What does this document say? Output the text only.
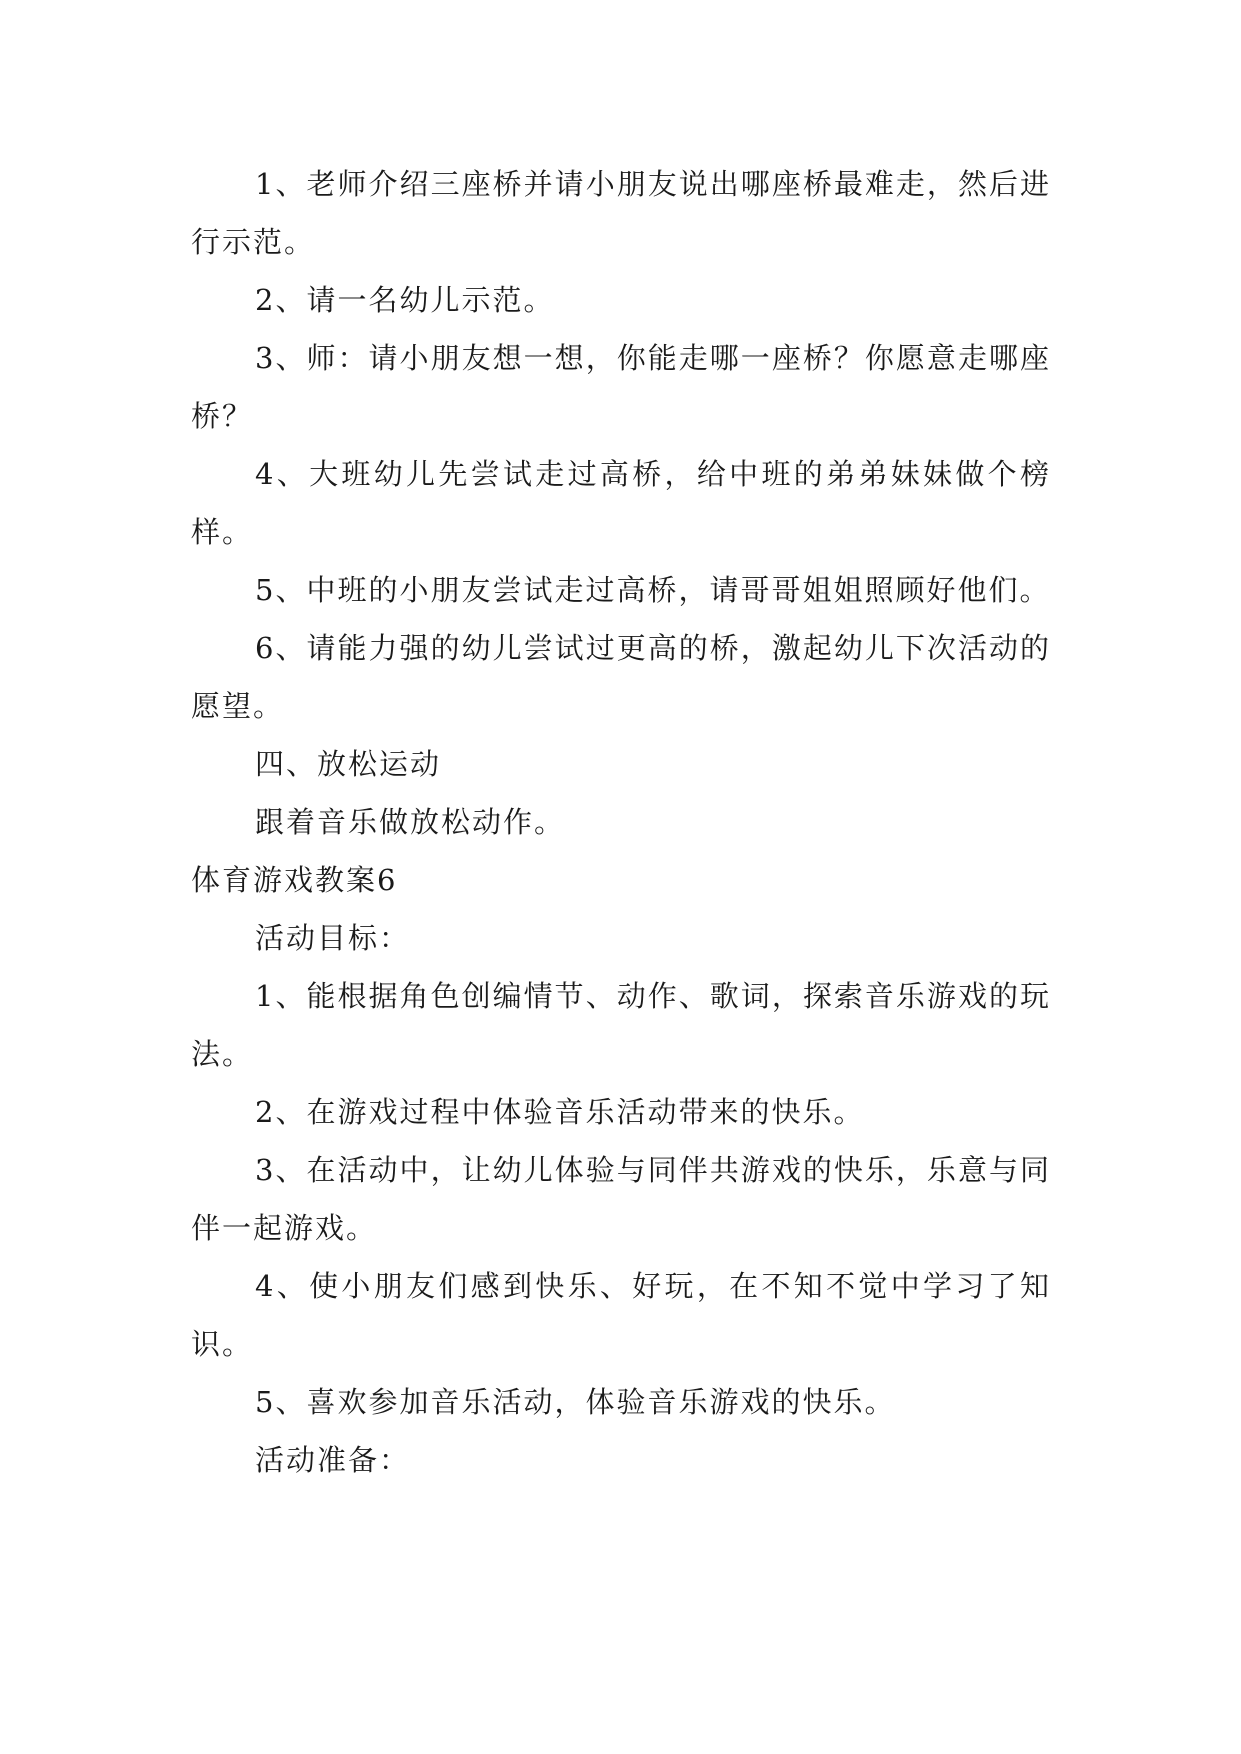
1、老师介绍三座桥并请小朋友说出哪座桥最难走，然后进行示范。

2、请一名幼儿示范。

3、师：请小朋友想一想，你能走哪一座桥？你愿意走哪座桥？

4、大班幼儿先尝试走过高桥，给中班的弟弟妹妹做个榜样。

5、中班的小朋友尝试走过高桥，请哥哥姐姐照顾好他们。

6、请能力强的幼儿尝试过更高的桥，激起幼儿下次活动的愿望。

四、放松运动

跟着音乐做放松动作。

体育游戏教案6

活动目标：

1、能根据角色创编情节、动作、歌词，探索音乐游戏的玩法。

2、在游戏过程中体验音乐活动带来的快乐。

3、在活动中，让幼儿体验与同伴共游戏的快乐，乐意与同伴一起游戏。

4、使小朋友们感到快乐、好玩，在不知不觉中学习了知识。

5、喜欢参加音乐活动，体验音乐游戏的快乐。

活动准备：
